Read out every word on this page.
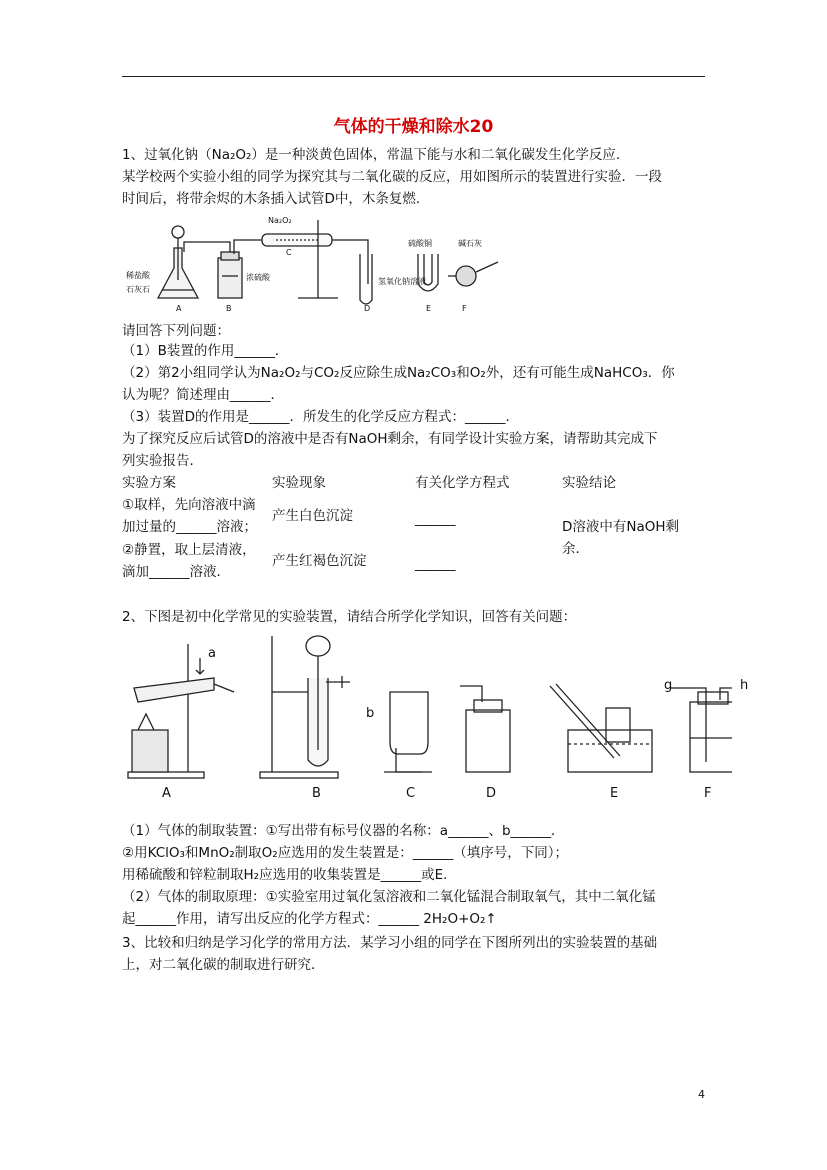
气体的干燥和除水20
1、过氧化钠（Na₂O₂）是一种淡黄色固体，常温下能与水和二氧化碳发生化学反应．
某学校两个实验小组的同学为探究其与二氧化碳的反应，用如图所示的装置进行实验．一段
时间后，将带余烬的木条插入试管D中，木条复燃．
Na₂O₂
C
稀盐酸
石灰石
浓硫酸	氢氧化钠溶液
硫酸铜	碱石灰
A	B	D	E	F
请回答下列问题：
（1）B装置的作用______．
（2）第2小组同学认为Na₂O₂与CO₂反应除生成Na₂CO₃和O₂外，还有可能生成NaHCO₃．你
认为呢？简述理由______．
（3）装置D的作用是______．所发生的化学反应方程式：______．
为了探究反应后试管D的溶液中是否有NaOH剩余，有同学设计实验方案，请帮助其完成下
列实验报告．
实验方案	实验现象	有关化学方程式	实验结论
①取样，先向溶液中滴
加过量的______溶液；
产生白色沉淀	______	D溶液中有NaOH剩
余．
②静置，取上层清液，
滴加______溶液．
产生红褐色沉淀	______
2、下图是初中化学常见的实验装置，请结合所学化学知识，回答有关问题：
a
b
g	h
A	B	C	D	E	F
（1）气体的制取装置：①写出带有标号仪器的名称：a______、b______．
②用KClO₃和MnO₂制取O₂应选用的发生装置是：______（填序号，下同）；
用稀硫酸和锌粒制取H₂应选用的收集装置是______或E．
（2）气体的制取原理：①实验室用过氧化氢溶液和二氧化锰混合制取氧气，其中二氧化锰
起______作用，请写出反应的化学方程式：______ 2H₂O+O₂↑
3、比较和归纳是学习化学的常用方法．某学习小组的同学在下图所列出的实验装置的基础
上，对二氧化碳的制取进行研究．
4
